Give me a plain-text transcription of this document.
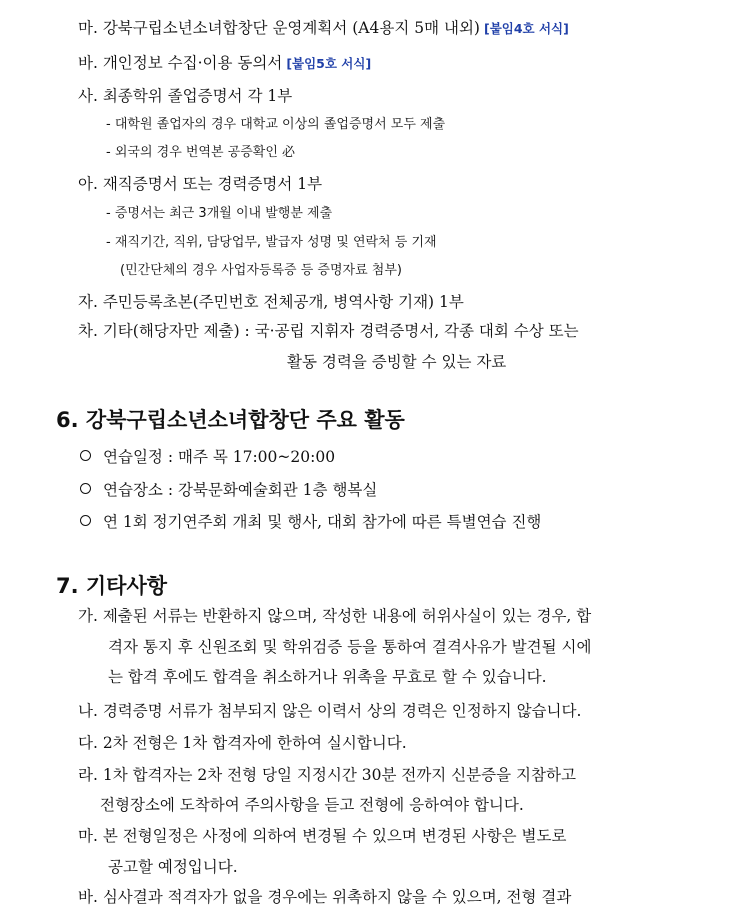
마. 강북구립소년소녀합창단 운영계획서 (A4용지 5매 내외) [붙임4호 서식]
바. 개인정보 수집·이용 동의서 [붙임5호 서식]
사. 최종학위 졸업증명서 각 1부
- 대학원 졸업자의 경우 대학교 이상의 졸업증명서 모두 제출
- 외국의 경우 번역본 공증확인 必
아. 재직증명서 또는 경력증명서 1부
- 증명서는 최근 3개월 이내 발행분 제출
- 재직기간, 직위, 담당업무, 발급자 성명 및 연락처 등 기재
(민간단체의 경우 사업자등록증 등 증명자료 첨부)
자. 주민등록초본(주민번호 전체공개, 병역사항 기재) 1부
차. 기타(해당자만 제출) : 국·공립 지휘자 경력증명서, 각종 대회 수상 또는
활동 경력을 증빙할 수 있는 자료
6. 강북구립소년소녀합창단 주요 활동
연습일정 : 매주 목 17:00~20:00
연습장소 : 강북문화예술회관 1층 행복실
연 1회 정기연주회 개최 및 행사, 대회 참가에 따른 특별연습 진행
7. 기타사항
가. 제출된 서류는 반환하지 않으며, 작성한 내용에 허위사실이 있는 경우, 합
격자 통지 후 신원조회 및 학위검증 등을 통하여 결격사유가 발견될 시에
는 합격 후에도 합격을 취소하거나 위촉을 무효로 할 수 있습니다.
나. 경력증명 서류가 첨부되지 않은 이력서 상의 경력은 인정하지 않습니다.
다. 2차 전형은 1차 합격자에 한하여 실시합니다.
라. 1차 합격자는 2차 전형 당일 지정시간 30분 전까지 신분증을 지참하고
전형장소에 도착하여 주의사항을 듣고 전형에 응하여야 합니다.
마. 본 전형일정은 사정에 의하여 변경될 수 있으며 변경된 사항은 별도로
공고할 예정입니다.
바. 심사결과 적격자가 없을 경우에는 위촉하지 않을 수 있으며, 전형 결과
